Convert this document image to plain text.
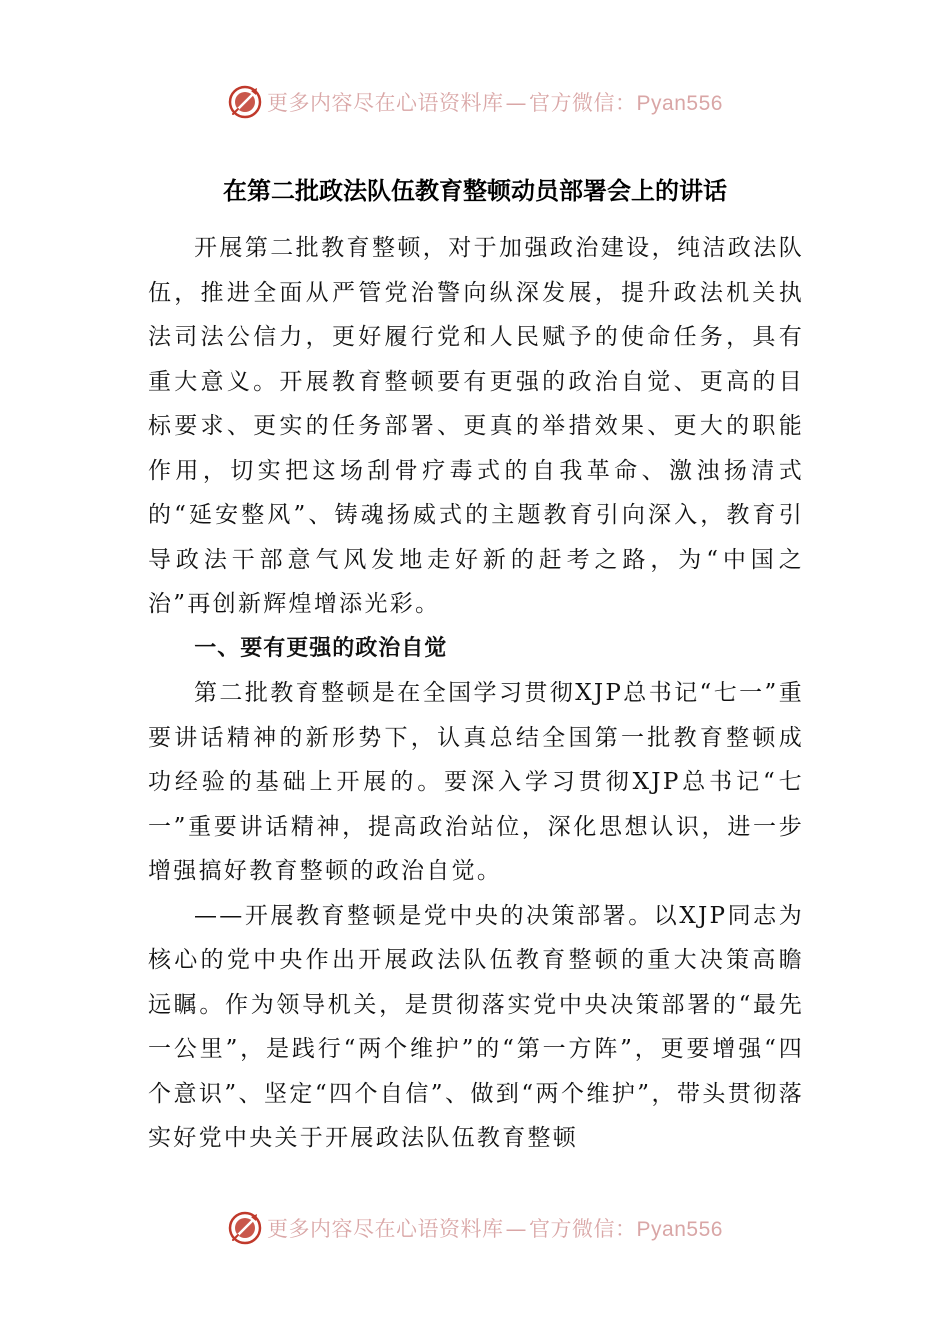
更多内容尽在心语资料库—官方微信：Pyan556
在第二批政法队伍教育整顿动员部署会上的讲话

开展第二批教育整顿，对于加强政治建设，纯洁政法队伍，推进全面从严管党治警向纵深发展，提升政法机关执法司法公信力，更好履行党和人民赋予的使命任务，具有重大意义。开展教育整顿要有更强的政治自觉、更高的目标要求、更实的任务部署、更真的举措效果、更大的职能作用，切实把这场刮骨疗毒式的自我革命、激浊扬清式的“延安整风”、铸魂扬威式的主题教育引向深入，教育引导政法干部意气风发地走好新的赶考之路，为“中国之治”再创新辉煌增添光彩。

一、要有更强的政治自觉

第二批教育整顿是在全国学习贯彻XJP总书记“七一”重要讲话精神的新形势下，认真总结全国第一批教育整顿成功经验的基础上开展的。要深入学习贯彻XJP总书记“七一”重要讲话精神，提高政治站位，深化思想认识，进一步增强搞好教育整顿的政治自觉。

——开展教育整顿是党中央的决策部署。以XJP同志为核心的党中央作出开展政法队伍教育整顿的重大决策高瞻远瞩。作为领导机关，是贯彻落实党中央决策部署的“最先一公里”，是践行“两个维护”的“第一方阵”，更要增强“四个意识”、坚定“四个自信”、做到“两个维护”，带头贯彻落实好党中央关于开展政法队伍教育整顿

更多内容尽在心语资料库—官方微信：Pyan556
